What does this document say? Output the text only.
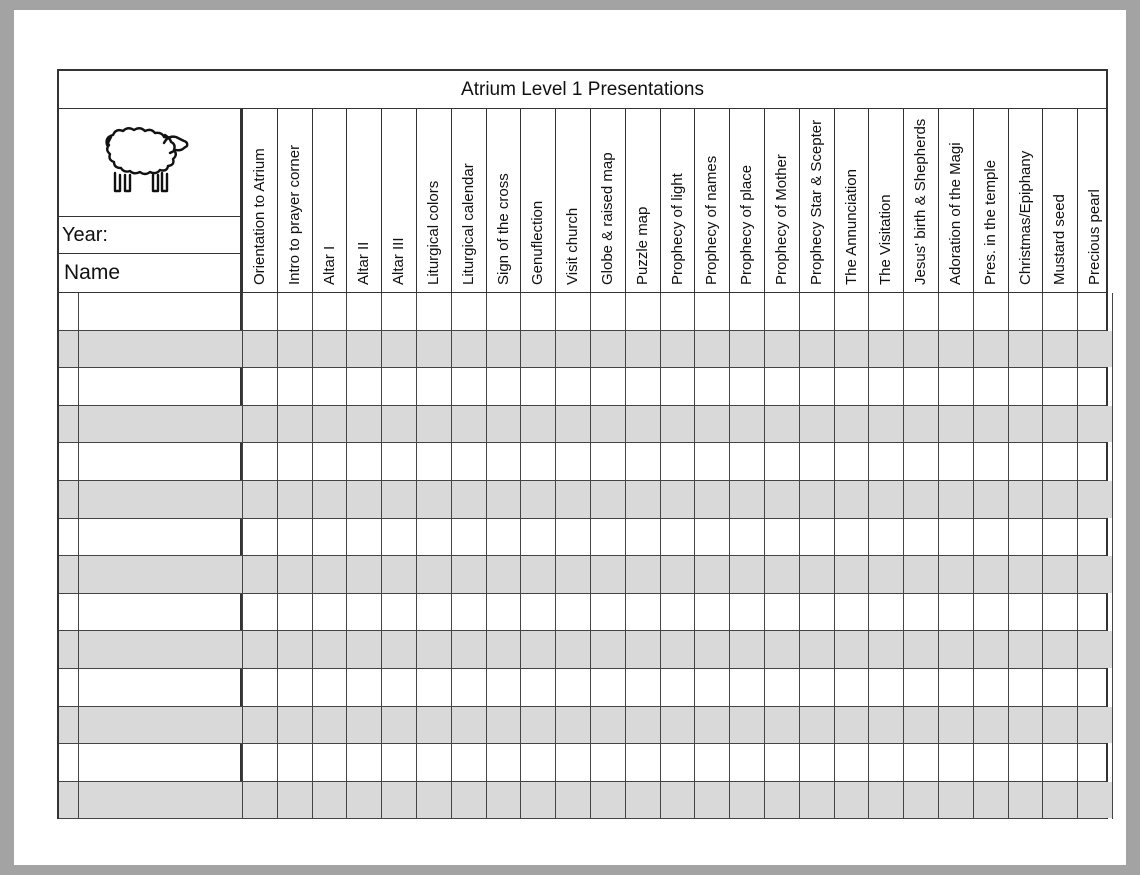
Atrium Level 1 Presentations
Year:
Name	Orientation to Atrium	Intro to prayer corner	Altar I	Altar II	Altar III	Liturgical colors	Liturgical calendar	Sign of the cross	Genuflection	Visit church	Globe & raised map	Puzzle map	Prophecy of light	Prophecy of names	Prophecy of place	Prophecy of Mother	Prophecy Star & Scepter	The Annunciation	The Visitation	Jesus' birth & Shepherds	Adoration of the Magi	Pres. in the temple	Christmas/Epiphany	Mustard seed	Precious pearl
